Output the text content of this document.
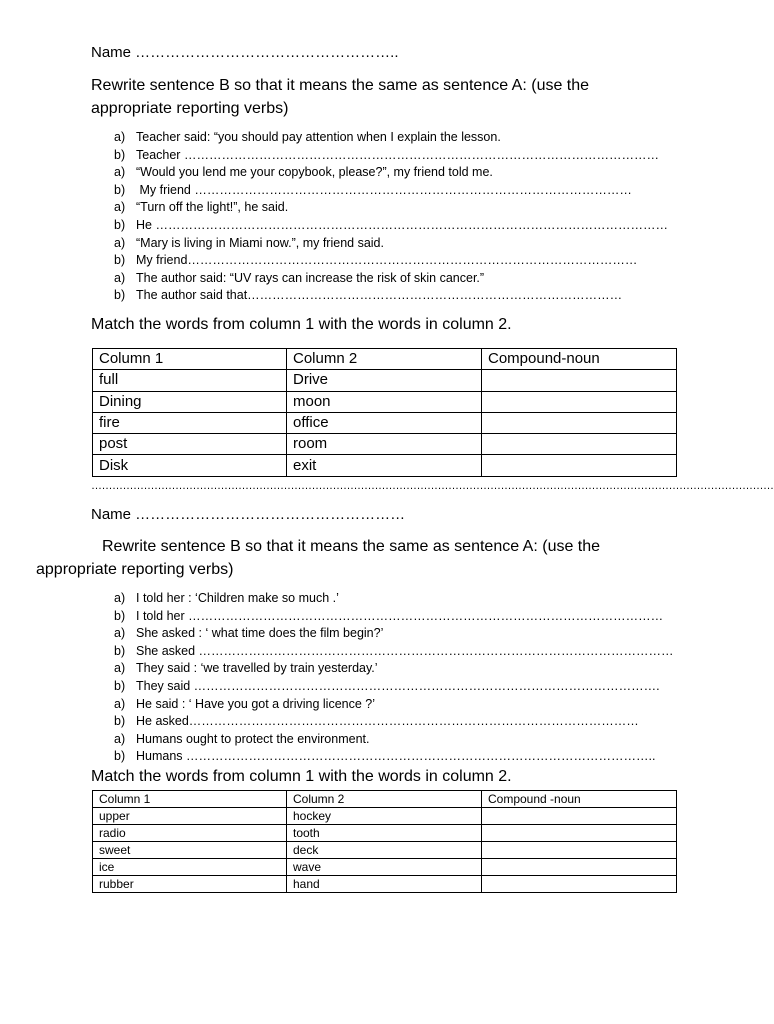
Name ……………………………………………..
Rewrite sentence B so that it means the same as sentence A: (use the appropriate reporting verbs)
a) Teacher said: “you should pay attention when I explain the lesson.
b) Teacher ……………………………………………………………………………………………………
a) “Would you lend me your copybook, please?”, my friend told me.
b) My friend ……………………………………………………………………………………………
a) “Turn off the light!”, he said.
b) He ……………………………………………………………………………………………………………
a) “Mary is living in Miami now.”, my friend said.
b) My friend………………………………………………………………………………………………
a) The author said: “UV rays can increase the risk of skin cancer.”
b) The author said that………………………………………………………………………………
Match the words from column 1 with the words in column 2.
Column 1	Column 2	Compound-noun
full	Drive	
Dining	moon	
fire	office	
post	room	
Disk	exit	
……………………………………………………………………………………………………………………………………………………………………………
Name ………………………………………………
Rewrite sentence B so that it means the same as sentence A: (use the appropriate reporting verbs)
a) I told her : ‘Children make so much .’
b) I told her ……………………………………………………………………………………………………
a) She asked : ‘ what time does the film begin?’
b) She asked ……………………………………………………………………………………………………
a) They said : ‘we travelled by train yesterday.’
b) They said ………………………………………………………………………………………………….
a) He said : ‘ Have you got a driving licence ?’
b) He asked………………………………………………………………………………………………
a) Humans ought to protect the environment.
b) Humans …………………………………………………………………………………………………..
Match the words from column 1 with the words in column 2.
Column 1	Column 2	Compound -noun
upper	hockey	
radio	tooth	
sweet	deck	
ice	wave	
rubber	hand	
